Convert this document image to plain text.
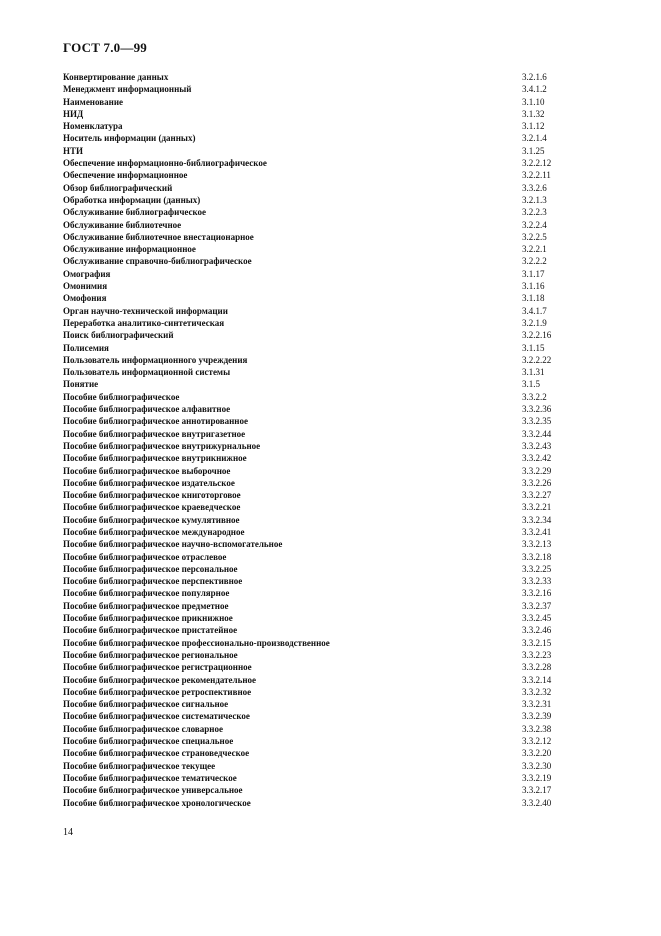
ГОСТ 7.0—99
Конвертирование данных	3.2.1.6
Менеджмент информационный	3.4.1.2
Наименование	3.1.10
НИД	3.1.32
Номенклатура	3.1.12
Носитель информации (данных)	3.2.1.4
НТИ	3.1.25
Обеспечение информационно-библиографическое	3.2.2.12
Обеспечение информационное	3.2.2.11
Обзор библиографический	3.3.2.6
Обработка информации (данных)	3.2.1.3
Обслуживание библиографическое	3.2.2.3
Обслуживание библиотечное	3.2.2.4
Обслуживание библиотечное внестационарное	3.2.2.5
Обслуживание информационное	3.2.2.1
Обслуживание справочно-библиографическое	3.2.2.2
Омография	3.1.17
Омонимия	3.1.16
Омофония	3.1.18
Орган научно-технической информации	3.4.1.7
Переработка аналитико-синтетическая	3.2.1.9
Поиск библиографический	3.2.2.16
Полисемия	3.1.15
Пользователь информационного учреждения	3.2.2.22
Пользователь информационной системы	3.1.31
Понятие	3.1.5
Пособие библиографическое	3.3.2.2
Пособие библиографическое алфавитное	3.3.2.36
Пособие библиографическое аннотированное	3.3.2.35
Пособие библиографическое внутригазетное	3.3.2.44
Пособие библиографическое внутрижурнальное	3.3.2.43
Пособие библиографическое внутрикнижное	3.3.2.42
Пособие библиографическое выборочное	3.3.2.29
Пособие библиографическое издательское	3.3.2.26
Пособие библиографическое книготорговое	3.3.2.27
Пособие библиографическое краеведческое	3.3.2.21
Пособие библиографическое кумулятивное	3.3.2.34
Пособие библиографическое международное	3.3.2.41
Пособие библиографическое научно-вспомогательное	3.3.2.13
Пособие библиографическое отраслевое	3.3.2.18
Пособие библиографическое персональное	3.3.2.25
Пособие библиографическое перспективное	3.3.2.33
Пособие библиографическое популярное	3.3.2.16
Пособие библиографическое предметное	3.3.2.37
Пособие библиографическое прикнижное	3.3.2.45
Пособие библиографическое пристатейное	3.3.2.46
Пособие библиографическое профессионально-производственное	3.3.2.15
Пособие библиографическое региональное	3.3.2.23
Пособие библиографическое регистрационное	3.3.2.28
Пособие библиографическое рекомендательное	3.3.2.14
Пособие библиографическое ретроспективное	3.3.2.32
Пособие библиографическое сигнальное	3.3.2.31
Пособие библиографическое систематическое	3.3.2.39
Пособие библиографическое словарное	3.3.2.38
Пособие библиографическое специальное	3.3.2.12
Пособие библиографическое страноведческое	3.3.2.20
Пособие библиографическое текущее	3.3.2.30
Пособие библиографическое тематическое	3.3.2.19
Пособие библиографическое универсальное	3.3.2.17
Пособие библиографическое хронологическое	3.3.2.40
14
